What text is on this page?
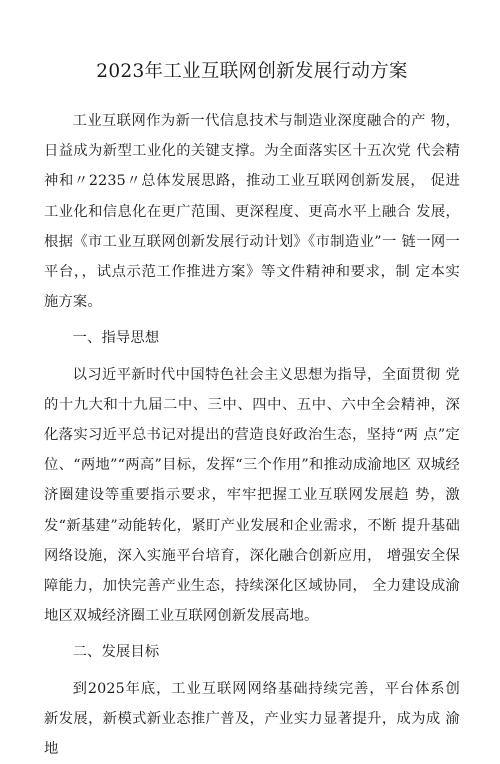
2023年工业互联网创新发展行动方案

工业互联网作为新一代信息技术与制造业深度融合的产 物，日益成为新型工业化的关键支撑。为全面落实区十五次党 代会精神和〃2235〃总体发展思路，推动工业互联网创新发展， 促进工业化和信息化在更广范围、更深程度、更高水平上融合 发展，根据《市工业互联网创新发展行动计划》《市制造业”一 链一网一平台，，试点示范工作推进方案》等文件精神和要求，制 定本实施方案。

一、指导思想

以习近平新时代中国特色社会主义思想为指导，全面贯彻 党的十九大和十九届二中、三中、四中、五中、六中全会精神，深化落实习近平总书记对提出的营造良好政治生态，坚持“两 点”定位、“两地”“两高”目标，发挥“三个作用”和推动成渝地区 双城经济圈建设等重要指示要求，牢牢把握工业互联网发展趋 势，激发“新基建”动能转化，紧盯产业发展和企业需求，不断 提升基础网络设施，深入实施平台培育，深化融合创新应用， 增强安全保障能力，加快完善产业生态，持续深化区域协同， 全力建设成渝地区双城经济圈工业互联网创新发展高地。

二、发展目标

到2025年底，工业互联网网络基础持续完善，平台体系创 新发展，新模式新业态推广普及，产业实力显著提升，成为成 渝地
